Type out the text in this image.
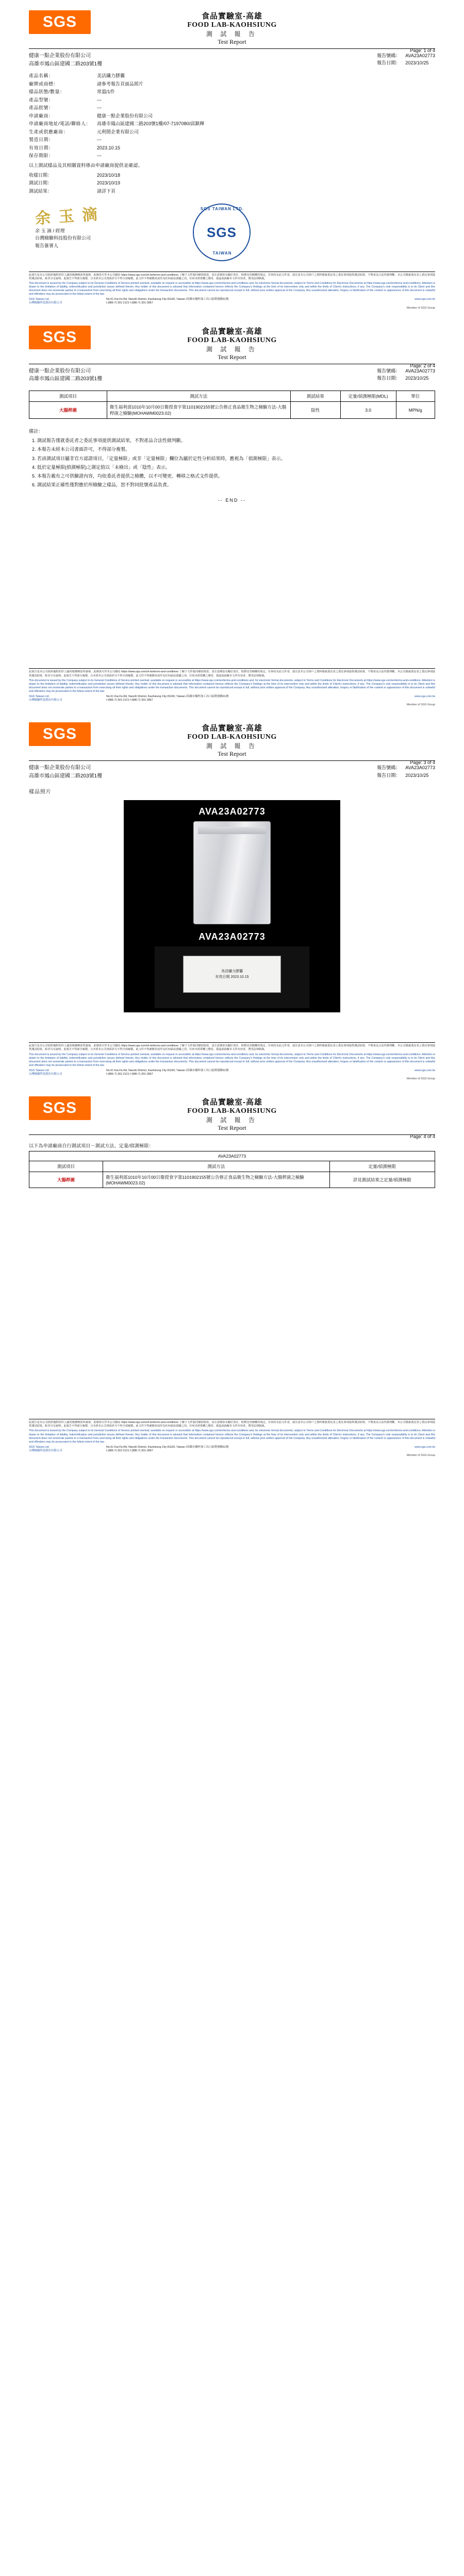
SGS	食品實驗室-高雄
FOOD LAB-KAOHSIUNG
測 試 報 告
Test Report
Page: 1 of 4
健康一點企業股份有限公司
高雄市鳳山區建國二路203號1樓
報告號碼：	AVA23A02773
報告日期：	2023/10/25
產品名稱：		美活纖力膠囊
廠牌或商標：		請參考報告頁面品照片
樣品狀態/數量：		常溫/1件
產品型號：		---
產品批號：		---
申請廠商：		健康一點企業股份有限公司
申請廠商地址/電話/聯絡人：		高雄市鳳山區建國二路203號1樓/07-7197080/邱鎮輝
生產或供應廠商：		元利閎企業有限公司
製造日期：		---
有效日期：		2023.10.15
保存期限：		---
以上測試樣品及其相關資料係由申請廠商提供並確認。
收樣日期：		2023/10/18
測試日期：		2023/10/19
測試結果：		請詳下頁
余 玉 滴
余 玉 滴 / 經理
台灣檢驗科技股份有限公司
報告簽署人
SGS
SGS TAIWAN LTD.
TAIWAN
此報告是本公司依照後附的印上議用服務條款所簽發，此條款可至本公司網站 https://www.sgs.com/zh-tw/terms-and-conditions 了解子文件版同條款格款，並注意條款有關於責任、賠償及管轄權的規定。任何持有此文件者，請注意本公司客戶之資料僅就委託者之委託事項提供測試結果，不對產品合法性做判斷。本公司僅就委託者之委託事項提供測試結果，除非另有說明。此報告不得部分複製，且未經本公司書面許可不得全部複製。此文件不得被變更或作為任何訴訟證據之用。任何未經授權之變更、偽造或曲解本文件內容者，將受法律制裁。
This document is issued by the Company subject to its General Conditions of Service printed overleaf, available on request or accessible at https://www.sgs.com/en/terms-and-conditions and, for electronic format documents, subject to Terms and Conditions for Electronic Documents at https://www.sgs.com/en/terms-and-conditions. Attention is drawn to the limitation of liability, indemnification and jurisdiction issues defined therein. Any holder of this document is advised that information contained hereon reflects the Company's findings at the time of its intervention only and within the limits of Client's instructions, if any. The Company's sole responsibility is to its Client and this document does not exonerate parties to a transaction from exercising all their rights and obligations under the transaction documents. This document cannot be reproduced except in full, without prior written approval of the Company. Any unauthorized alteration, forgery or falsification of the content or appearance of this document is unlawful and offenders may be prosecuted to the fullest extent of the law.
SGS Taiwan Ltd.
台灣檢驗科技股份有限公司
No.61 Kai-Fa Rd, Nanzih District, Kaohsiung City 81160, Taiwan /高雄市楠梓加工出口區開發路61號
t (886-7) 301-2121 f (886-7) 301-2867
www.sgs.com.tw
Member of SGS Group
SGS	食品實驗室-高雄
FOOD LAB-KAOHSIUNG
測 試 報 告
Test Report
Page: 2 of 4
健康一點企業股份有限公司
高雄市鳳山區建國二路203號1樓
報告號碼：	AVA23A02773
報告日期：	2023/10/25
測試項目	測試方法	測試結果	定量/偵測極限(MDL)	單位
大腸桿菌	衛生福利部1010年10月00日衛授食字第1101902155號公告修正食品微生物之檢驗方法-大腸桿菌之檢驗(MOHAWM0023.02)	陰性	3.0	MPN/g
備註：
1. 測試報告僅就委託者之委託事項提供測試結果，不對產品合法性做判斷。
2. 本報告未經本公司書面許可，不得部分複製。
3. 若該測試項目屬非官方認證項目，「定量極限」或非「定量極限」欄位為屬於定性分析結果時，應視為「偵測極限」表示。
4. 低於定量極限(偵測極限)之測定值以「未檢出」或「陰性」表示。
5. 本報告載有之可供驗證內容，均依委託者提供之檢體，以不可變更、轉移之格式文件提供。
6. 測試結果正確性僅對應於所檢驗之樣品，恕不對同批號產品負責。
-- END --
此報告是本公司依照後附的印上議用服務條款所簽發，此條款可至本公司網站 https://www.sgs.com/zh-tw/terms-and-conditions 了解子文件版同條款格款，並注意條款有關於責任、賠償及管轄權的規定。任何持有此文件者，請注意本公司客戶之資料僅就委託者之委託事項提供測試結果，不對產品合法性做判斷。本公司僅就委託者之委託事項提供測試結果，除非另有說明。此報告不得部分複製，且未經本公司書面許可不得全部複製。此文件不得被變更或作為任何訴訟證據之用。任何未經授權之變更、偽造或曲解本文件內容者，將受法律制裁。
This document is issued by the Company subject to its General Conditions of Service printed overleaf, available on request or accessible at https://www.sgs.com/en/terms-and-conditions and, for electronic format documents, subject to Terms and Conditions for Electronic Documents at https://www.sgs.com/en/terms-and-conditions. Attention is drawn to the limitation of liability, indemnification and jurisdiction issues defined therein. Any holder of this document is advised that information contained hereon reflects the Company's findings at the time of its intervention only and within the limits of Client's instructions, if any. The Company's sole responsibility is to its Client and this document does not exonerate parties to a transaction from exercising all their rights and obligations under the transaction documents. This document cannot be reproduced except in full, without prior written approval of the Company. Any unauthorized alteration, forgery or falsification of the content or appearance of this document is unlawful and offenders may be prosecuted to the fullest extent of the law.
SGS Taiwan Ltd.
台灣檢驗科技股份有限公司
No.61 Kai-Fa Rd, Nanzih District, Kaohsiung City 81160, Taiwan /高雄市楠梓加工出口區開發路61號
t (886-7) 301-2121 f (886-7) 301-2867
www.sgs.com.tw
Member of SGS Group
SGS	食品實驗室-高雄
FOOD LAB-KAOHSIUNG
測 試 報 告
Test Report
Page: 3 of 4
健康一點企業股份有限公司
高雄市鳳山區建國二路203號1樓
報告號碼：	AVA23A02773
報告日期：	2023/10/25
樣品照片
AVA23A02773
AVA23A02773
美活纖力膠囊
有效日期 2023.10.15
此報告是本公司依照後附的印上議用服務條款所簽發，此條款可至本公司網站 https://www.sgs.com/zh-tw/terms-and-conditions 了解子文件版同條款格款，並注意條款有關於責任、賠償及管轄權的規定。任何持有此文件者，請注意本公司客戶之資料僅就委託者之委託事項提供測試結果，不對產品合法性做判斷。本公司僅就委託者之委託事項提供測試結果，除非另有說明。此報告不得部分複製，且未經本公司書面許可不得全部複製。此文件不得被變更或作為任何訴訟證據之用。任何未經授權之變更、偽造或曲解本文件內容者，將受法律制裁。
This document is issued by the Company subject to its General Conditions of Service printed overleaf, available on request or accessible at https://www.sgs.com/en/terms-and-conditions and, for electronic format documents, subject to Terms and Conditions for Electronic Documents at https://www.sgs.com/en/terms-and-conditions. Attention is drawn to the limitation of liability, indemnification and jurisdiction issues defined therein. Any holder of this document is advised that information contained hereon reflects the Company's findings at the time of its intervention only and within the limits of Client's instructions, if any. The Company's sole responsibility is to its Client and this document does not exonerate parties to a transaction from exercising all their rights and obligations under the transaction documents. This document cannot be reproduced except in full, without prior written approval of the Company. Any unauthorized alteration, forgery or falsification of the content or appearance of this document is unlawful and offenders may be prosecuted to the fullest extent of the law.
SGS Taiwan Ltd.
台灣檢驗科技股份有限公司
No.61 Kai-Fa Rd, Nanzih District, Kaohsiung City 81160, Taiwan /高雄市楠梓加工出口區開發路61號
t (886-7) 301-2121 f (886-7) 301-2867
www.sgs.com.tw
Member of SGS Group
SGS	食品實驗室-高雄
FOOD LAB-KAOHSIUNG
測 試 報 告
Test Report
Page: 4 of 4
以下為申請廠商自行測試項目－測試方法、定量/偵測極限：
AVA23A02773		
測試項目	測試方法	定量/偵測極限
大腸桿菌	衛生福利部1010年10月00日衛授食字第1101902155號公告修正食品微生物之檢驗方法-大腸桿菌之檢驗(MOHAWM0023.02)	詳見測試結果之定量/偵測極限
此報告是本公司依照後附的印上議用服務條款所簽發，此條款可至本公司網站 https://www.sgs.com/zh-tw/terms-and-conditions 了解子文件版同條款格款，並注意條款有關於責任、賠償及管轄權的規定。任何持有此文件者，請注意本公司客戶之資料僅就委託者之委託事項提供測試結果，不對產品合法性做判斷。本公司僅就委託者之委託事項提供測試結果，除非另有說明。此報告不得部分複製，且未經本公司書面許可不得全部複製。此文件不得被變更或作為任何訴訟證據之用。任何未經授權之變更、偽造或曲解本文件內容者，將受法律制裁。
This document is issued by the Company subject to its General Conditions of Service printed overleaf, available on request or accessible at https://www.sgs.com/en/terms-and-conditions and, for electronic format documents, subject to Terms and Conditions for Electronic Documents at https://www.sgs.com/en/terms-and-conditions. Attention is drawn to the limitation of liability, indemnification and jurisdiction issues defined therein. Any holder of this document is advised that information contained hereon reflects the Company's findings at the time of its intervention only and within the limits of Client's instructions, if any. The Company's sole responsibility is to its Client and this document does not exonerate parties to a transaction from exercising all their rights and obligations under the transaction documents. This document cannot be reproduced except in full, without prior written approval of the Company. Any unauthorized alteration, forgery or falsification of the content or appearance of this document is unlawful and offenders may be prosecuted to the fullest extent of the law.
SGS Taiwan Ltd.
台灣檢驗科技股份有限公司
No.61 Kai-Fa Rd, Nanzih District, Kaohsiung City 81160, Taiwan /高雄市楠梓加工出口區開發路61號
t (886-7) 301-2121 f (886-7) 301-2867
www.sgs.com.tw
Member of SGS Group
